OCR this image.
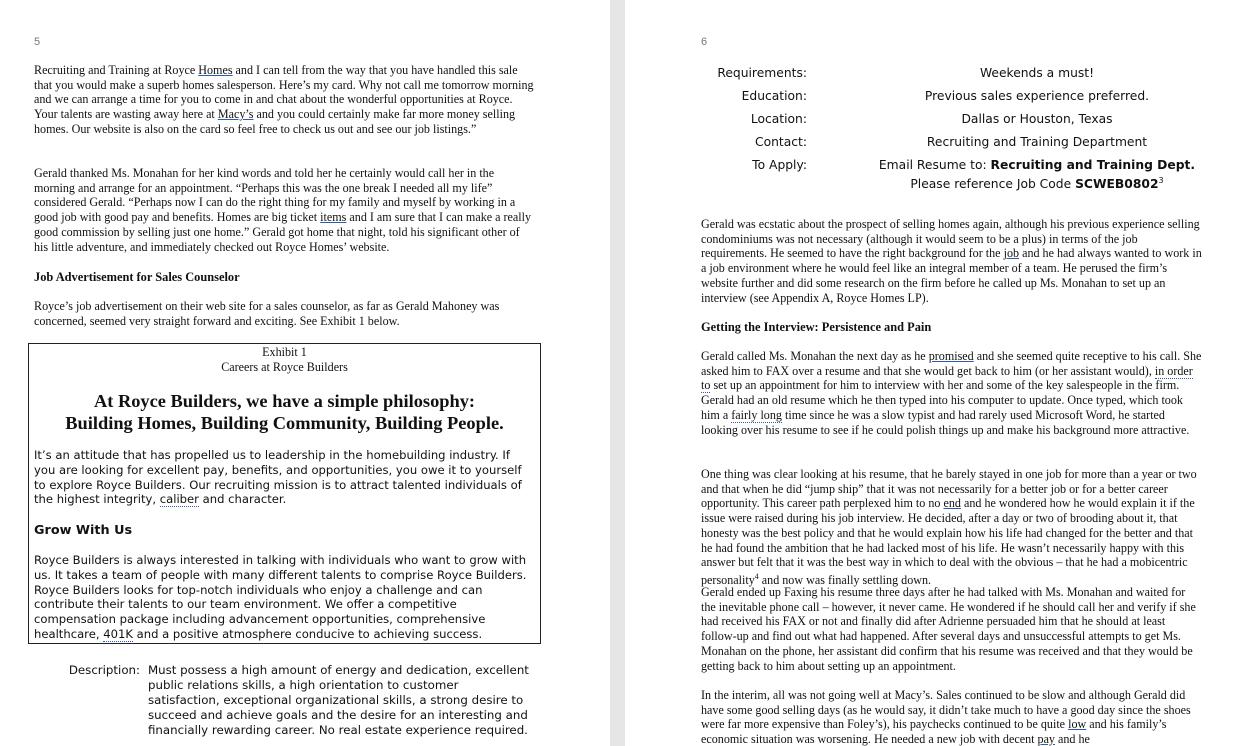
5

Recruiting and Training at Royce Homes and I can tell from the way that you have handled this sale that you would make a superb homes salesperson. Here’s my card. Why not call me tomorrow morning and we can arrange a time for you to come in and chat about the wonderful opportunities at Royce. Your talents are wasting away here at Macy’s and you could certainly make far more money selling homes. Our website is also on the card so feel free to check us out and see our job listings.”

Gerald thanked Ms. Monahan for her kind words and told her he certainly would call her in the morning and arrange for an appointment. “Perhaps this was the one break I needed all my life” considered Gerald. “Perhaps now I can do the right thing for my family and myself by working in a good job with good pay and benefits. Homes are big ticket items and I am sure that I can make a really good commission by selling just one home.” Gerald got home that night, told his significant other of his little adventure, and immediately checked out Royce Homes’ website.

Job Advertisement for Sales Counselor

Royce’s job advertisement on their web site for a sales counselor, as far as Gerald Mahoney was concerned, seemed very straight forward and exciting. See Exhibit 1 below.

Exhibit 1
Careers at Royce Builders
At Royce Builders, we have a simple philosophy:
Building Homes, Building Community, Building People.

It’s an attitude that has propelled us to leadership in the homebuilding industry. If you are looking for excellent pay, benefits, and opportunities, you owe it to yourself to explore Royce Builders. Our recruiting mission is to attract talented individuals of the highest integrity, caliber and character.

Grow With Us

Royce Builders is always interested in talking with individuals who want to grow with us. It takes a team of people with many different talents to comprise Royce Builders. Royce Builders looks for top-notch individuals who enjoy a challenge and can contribute their talents to our team environment. We offer a competitive compensation package including advancement opportunities, comprehensive healthcare, 401K and a positive atmosphere conducive to achieving success.

Description: Must possess a high amount of energy and dedication, excellent public relations skills, a high orientation to customer satisfaction, exceptional organizational skills, a strong desire to succeed and achieve goals and the desire for an interesting and financially rewarding career. No real estate experience required.

6
Requirements:	Weekends a must!
Education:	Previous sales experience preferred.
Location:	Dallas or Houston, Texas
Contact:	Recruiting and Training Department
To Apply:	Email Resume to: Recruiting and Training Dept.
Please reference Job Code SCWEB0802$^3$

Gerald was ecstatic about the prospect of selling homes again, although his previous experience selling condominiums was not necessary (although it would seem to be a plus) in terms of the job requirements. He seemed to have the right background for the job and he had always wanted to work in a job environment where he would feel like an integral member of a team. He perused the firm’s website further and did some research on the firm before he called up Ms. Monahan to set up an interview (see Appendix A, Royce Homes LP).

Getting the Interview: Persistence and Pain

Gerald called Ms. Monahan the next day as he promised and she seemed quite receptive to his call. She asked him to FAX over a resume and that she would get back to him (or her assistant would), in order to set up an appointment for him to interview with her and some of the key salespeople in the firm. Gerald had an old resume which he then typed into his computer to update. Once typed, which took him a fairly long time since he was a slow typist and had rarely used Microsoft Word, he started looking over his resume to see if he could polish things up and make his background more attractive.

One thing was clear looking at his resume, that he barely stayed in one job for more than a year or two and that when he did “jump ship” that it was not necessarily for a better job or for a better career opportunity. This career path perplexed him to no end and he wondered how he would explain it if the issue were raised during his job interview. He decided, after a day or two of brooding about it, that honesty was the best policy and that he would explain how his life had changed for the better and that he had found the ambition that he had lacked most of his life. He wasn’t necessarily happy with this answer but felt that it was the best way in which to deal with the obvious – that he had a mobicentric personality$^4$ and now was finally settling down.

Gerald ended up Faxing his resume three days after he had talked with Ms. Monahan and waited for the inevitable phone call – however, it never came. He wondered if he should call her and verify if she had received his FAX or not and finally did after Adrienne persuaded him that he should at least follow-up and find out what had happened. After several days and unsuccessful attempts to get Ms. Monahan on the phone, her assistant did confirm that his resume was received and that they would be getting back to him about setting up an appointment.

In the interim, all was not going well at Macy’s. Sales continued to be slow and although Gerald did have some good selling days (as he would say, it didn’t take much to have a good day since the shoes were far more expensive than Foley’s), his paychecks continued to be quite low and his family’s economic situation was worsening. He needed a new job with decent pay and he
